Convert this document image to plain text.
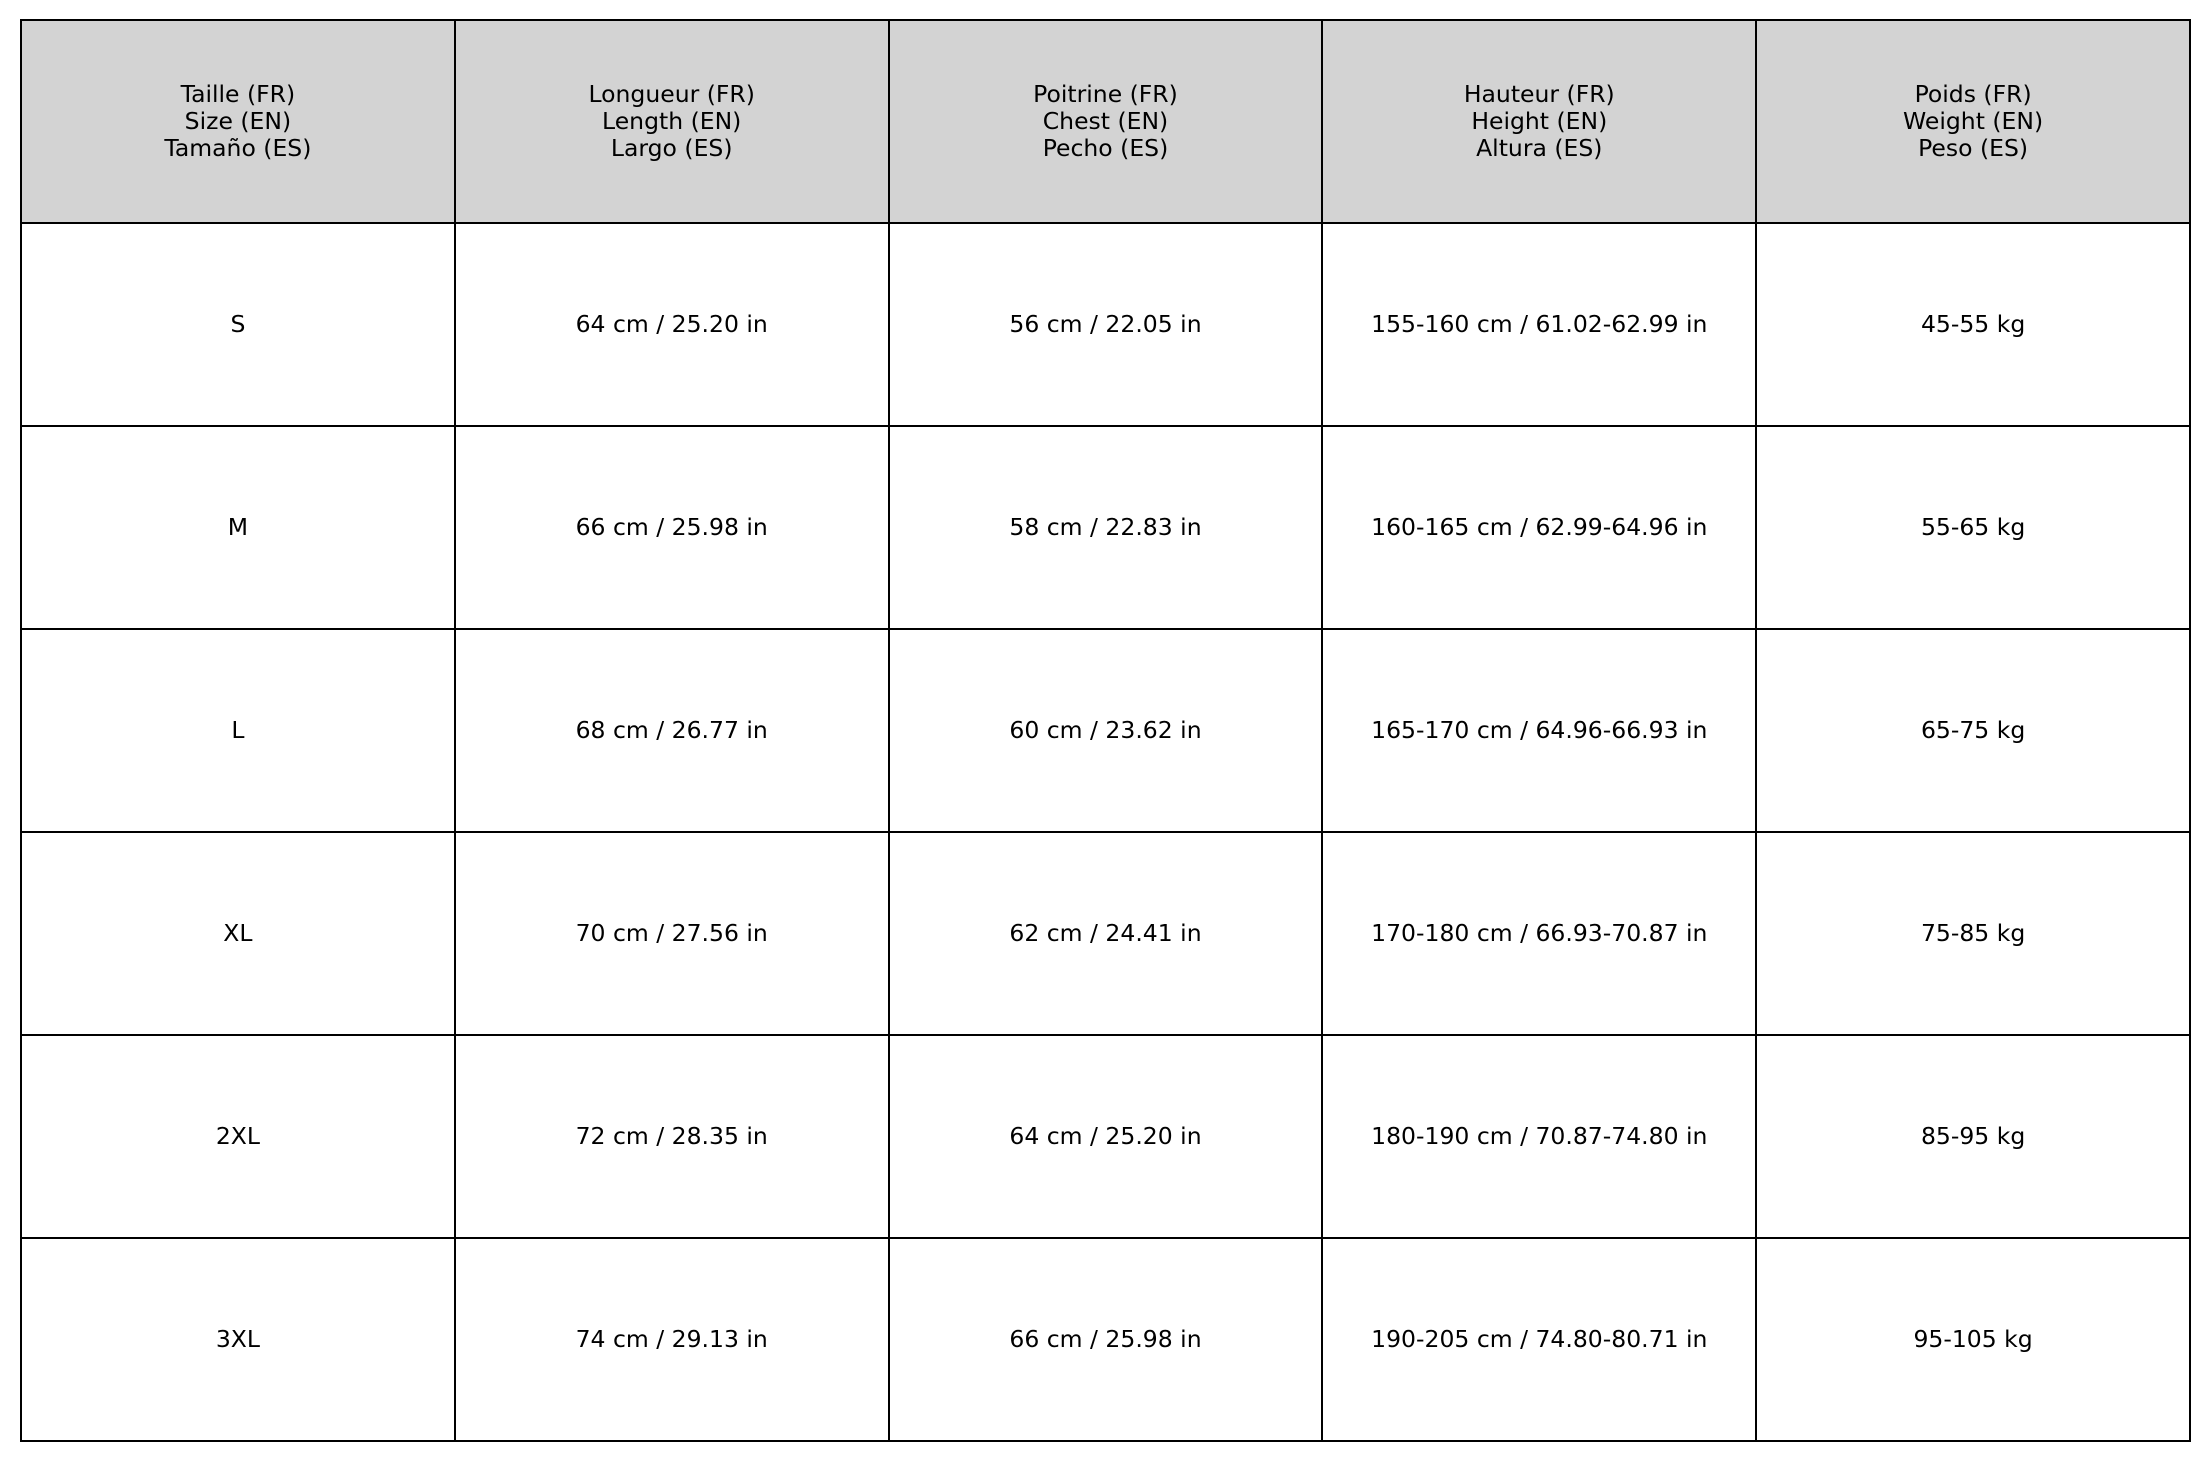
Taille (FR)
Size (EN)
Tamaño (ES)	Longueur (FR)
Length (EN)
Largo (ES)	Poitrine (FR)
Chest (EN)
Pecho (ES)	Hauteur (FR)
Height (EN)
Altura (ES)	Poids (FR)
Weight (EN)
Peso (ES)

S	64 cm / 25.20 in	56 cm / 22.05 in	155-160 cm / 61.02-62.99 in	45-55 kg
M	66 cm / 25.98 in	58 cm / 22.83 in	160-165 cm / 62.99-64.96 in	55-65 kg
L	68 cm / 26.77 in	60 cm / 23.62 in	165-170 cm / 64.96-66.93 in	65-75 kg
XL	70 cm / 27.56 in	62 cm / 24.41 in	170-180 cm / 66.93-70.87 in	75-85 kg
2XL	72 cm / 28.35 in	64 cm / 25.20 in	180-190 cm / 70.87-74.80 in	85-95 kg
3XL	74 cm / 29.13 in	66 cm / 25.98 in	190-205 cm / 74.80-80.71 in	95-105 kg
